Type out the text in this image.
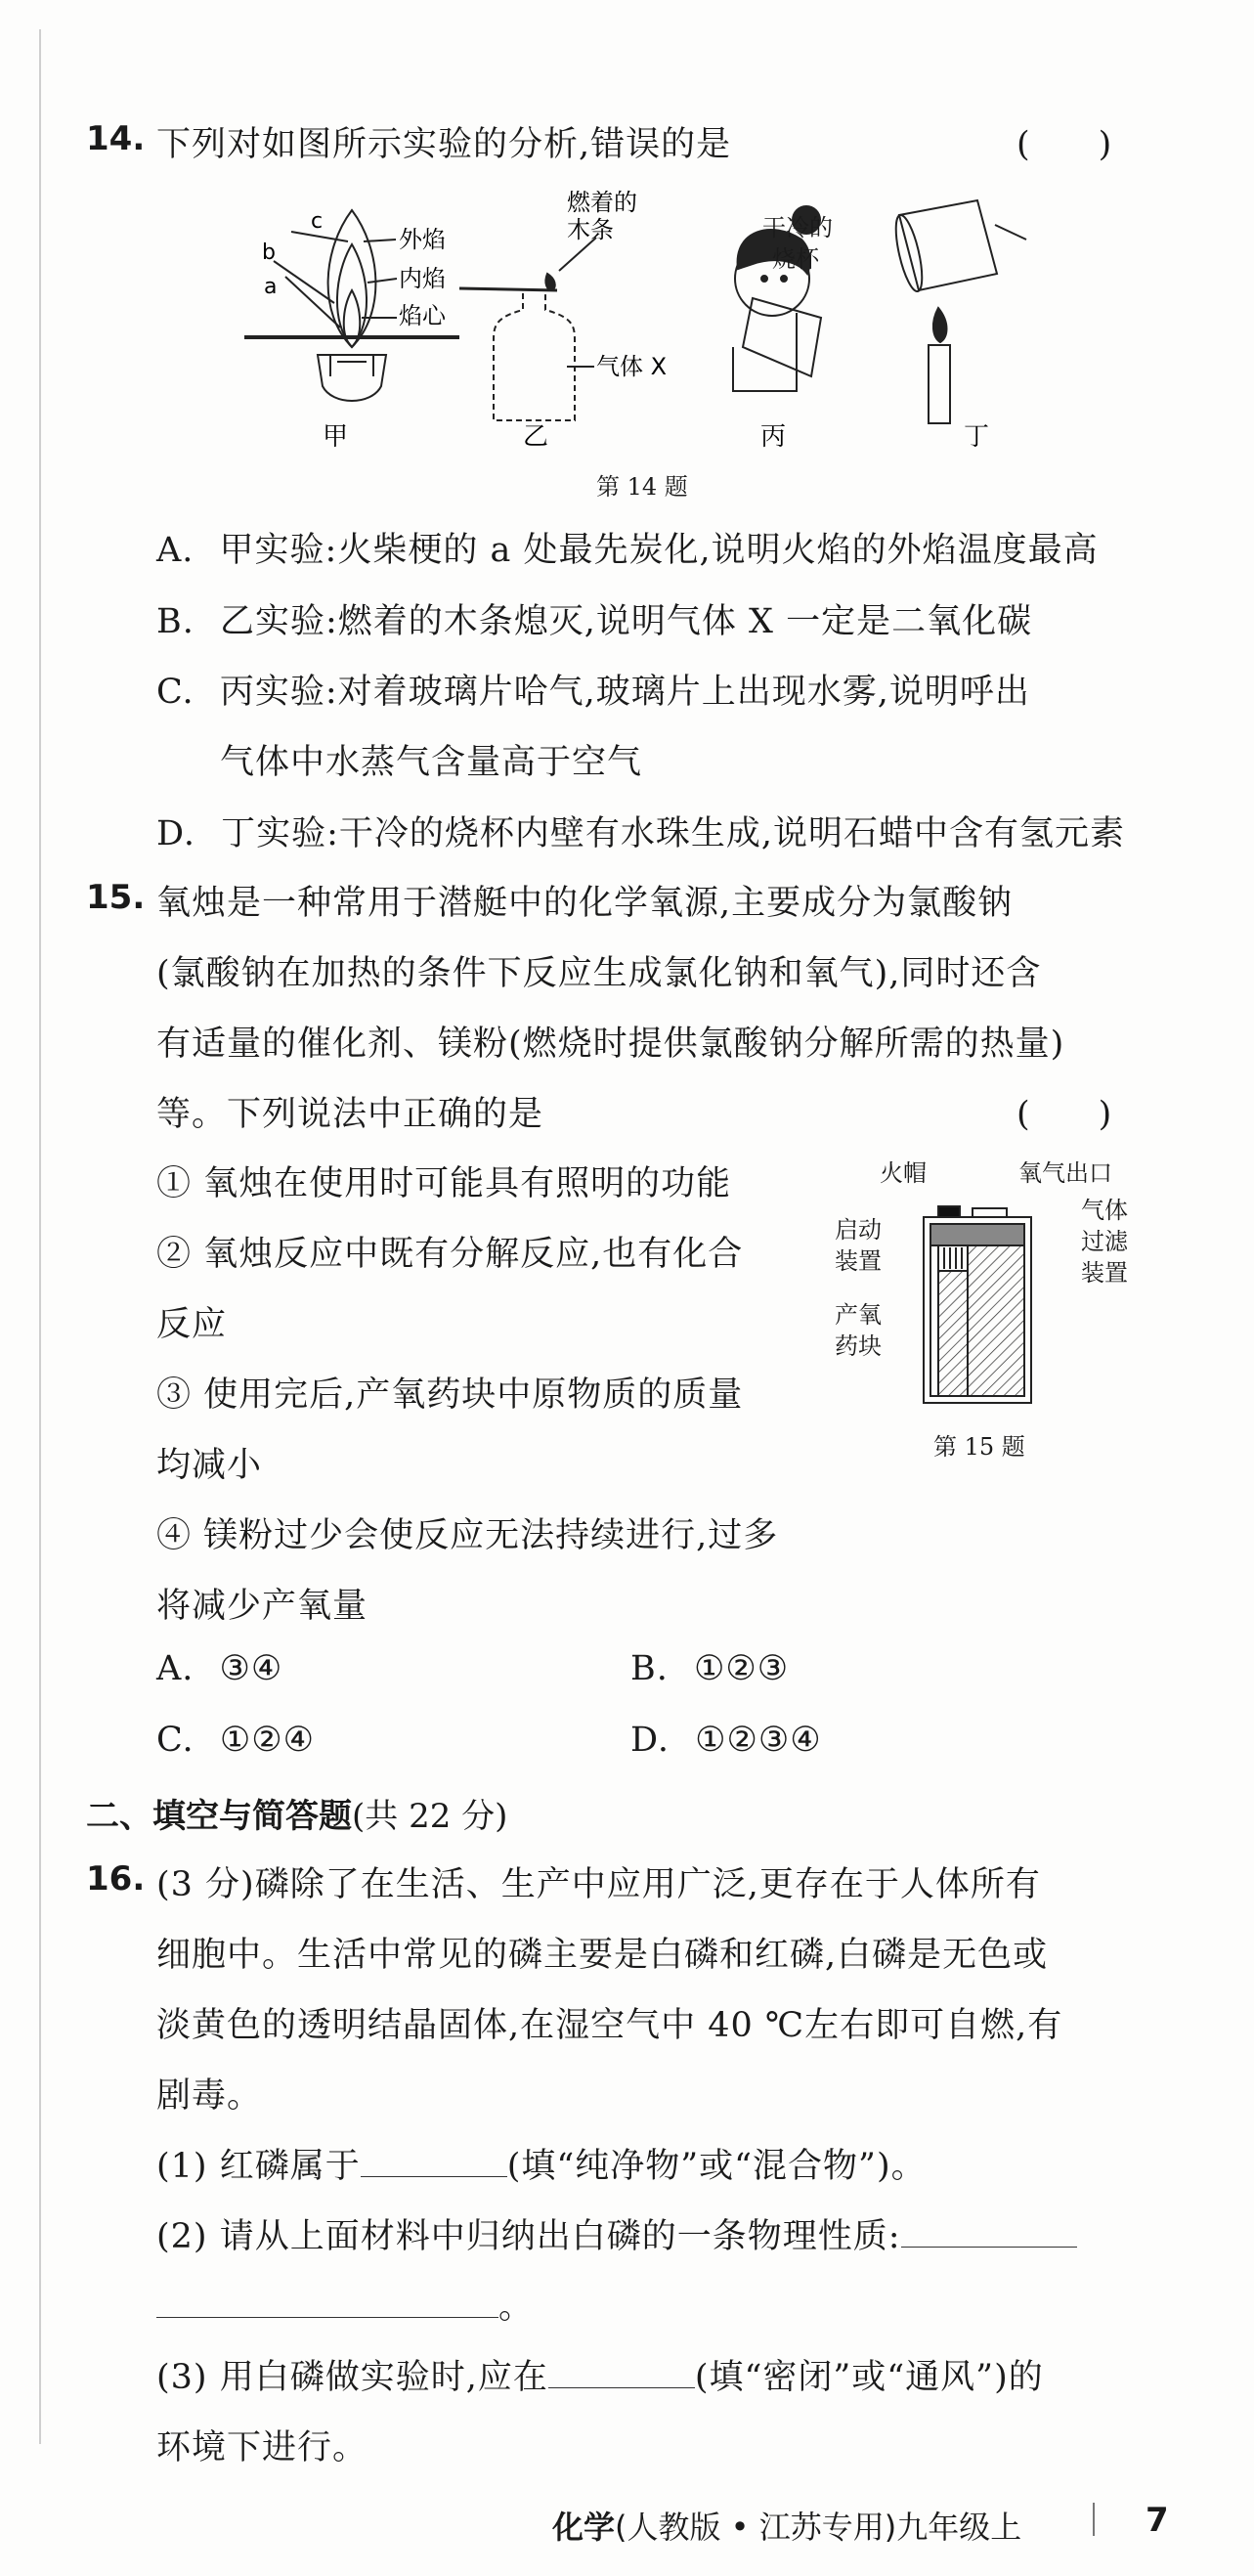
14. 下列对如图所示实验的分析,错误的是	(　　)
a
b
c
外焰
内焰
焰心
甲
燃着的
木条
气体 X
乙	丙	丁
干冷的
烧杯
第 14 题
A. 甲实验:火柴梗的 a 处最先炭化,说明火焰的外焰温度最高
B. 乙实验:燃着的木条熄灭,说明气体 X 一定是二氧化碳
C. 丙实验:对着玻璃片哈气,玻璃片上出现水雾,说明呼出
气体中水蒸气含量高于空气
D. 丁实验:干冷的烧杯内壁有水珠生成,说明石蜡中含有氢元素
15. 氧烛是一种常用于潜艇中的化学氧源,主要成分为氯酸钠
(氯酸钠在加热的条件下反应生成氯化钠和氧气),同时还含
有适量的催化剂、镁粉(燃烧时提供氯酸钠分解所需的热量)
等。下列说法中正确的是	(　　)
① 氧烛在使用时可能具有照明的功能
② 氧烛反应中既有分解反应,也有化合
反应
③ 使用完后,产氧药块中原物质的质量
均减小
④ 镁粉过少会使反应无法持续进行,过多
将减少产氧量
火帽	氧气出口
启动
装置
气体
过滤
装置
产氧
药块
第 15 题
A. ③④	B. ①②③
C. ①②④	D. ①②③④
二、填空与简答题(共 22 分)
16. (3 分)磷除了在生活、生产中应用广泛,更存在于人体所有
细胞中。生活中常见的磷主要是白磷和红磷,白磷是无色或
淡黄色的透明结晶固体,在湿空气中 40 ℃左右即可自燃,有
剧毒。
(1) 红磷属于	(填“纯净物”或“混合物”)。
(2) 请从上面材料中归纳出白磷的一条物理性质:
。
(3) 用白磷做实验时,应在	(填“密闭”或“通风”)的
环境下进行。
化学(人教版 • 江苏专用)九年级上	7
